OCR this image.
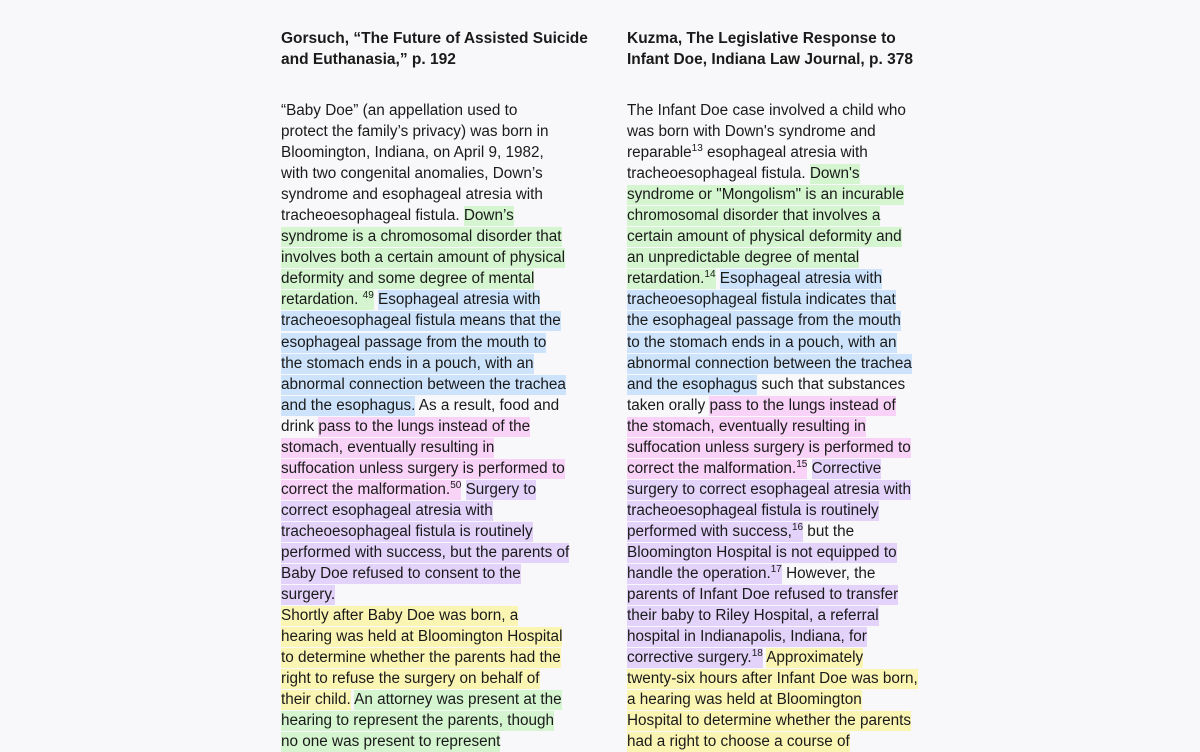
Gorsuch, “The Future of Assisted Suicide
and Euthanasia,” p. 192
“Baby Doe” (an appellation used to
protect the family’s privacy) was born in
Bloomington, Indiana, on April 9, 1982,
with two congenital anomalies, Down’s
syndrome and esophageal atresia with
tracheoesophageal fistula. Down’s
syndrome is a chromosomal disorder that
involves both a certain amount of physical
deformity and some degree of mental
retardation. $^{49}$ Esophageal atresia with
tracheoesophageal fistula means that the
esophageal passage from the mouth to
the stomach ends in a pouch, with an
abnormal connection between the trachea
and the esophagus. As a result, food and
drink pass to the lungs instead of the
stomach, eventually resulting in
suffocation unless surgery is performed to
correct the malformation.$^{50}$ Surgery to
correct esophageal atresia with
tracheoesophageal fistula is routinely
performed with success, but the parents of
Baby Doe refused to consent to the
surgery.
Shortly after Baby Doe was born, a
hearing was held at Bloomington Hospital
to determine whether the parents had the
right to refuse the surgery on behalf of
their child. An attorney was present at the
hearing to represent the parents, though
no one was present to represent
Kuzma, The Legislative Response to
Infant Doe, Indiana Law Journal, p. 378
The Infant Doe case involved a child who
was born with Down's syndrome and
reparable$^{13}$ esophageal atresia with
tracheoesophageal fistula. Down's
syndrome or "Mongolism" is an incurable
chromosomal disorder that involves a
certain amount of physical deformity and
an unpredictable degree of mental
retardation.$^{14}$ Esophageal atresia with
tracheoesophageal fistula indicates that
the esophageal passage from the mouth
to the stomach ends in a pouch, with an
abnormal connection between the trachea
and the esophagus such that substances
taken orally pass to the lungs instead of
the stomach, eventually resulting in
suffocation unless surgery is performed to
correct the malformation.$^{15}$ Corrective
surgery to correct esophageal atresia with
tracheoesophageal fistula is routinely
performed with success,$^{16}$ but the
Bloomington Hospital is not equipped to
handle the operation.$^{17}$ However, the
parents of Infant Doe refused to transfer
their baby to Riley Hospital, a referral
hospital in Indianapolis, Indiana, for
corrective surgery.$^{18}$ Approximately
twenty-six hours after Infant Doe was born,
a hearing was held at Bloomington
Hospital to determine whether the parents
had a right to choose a course of
